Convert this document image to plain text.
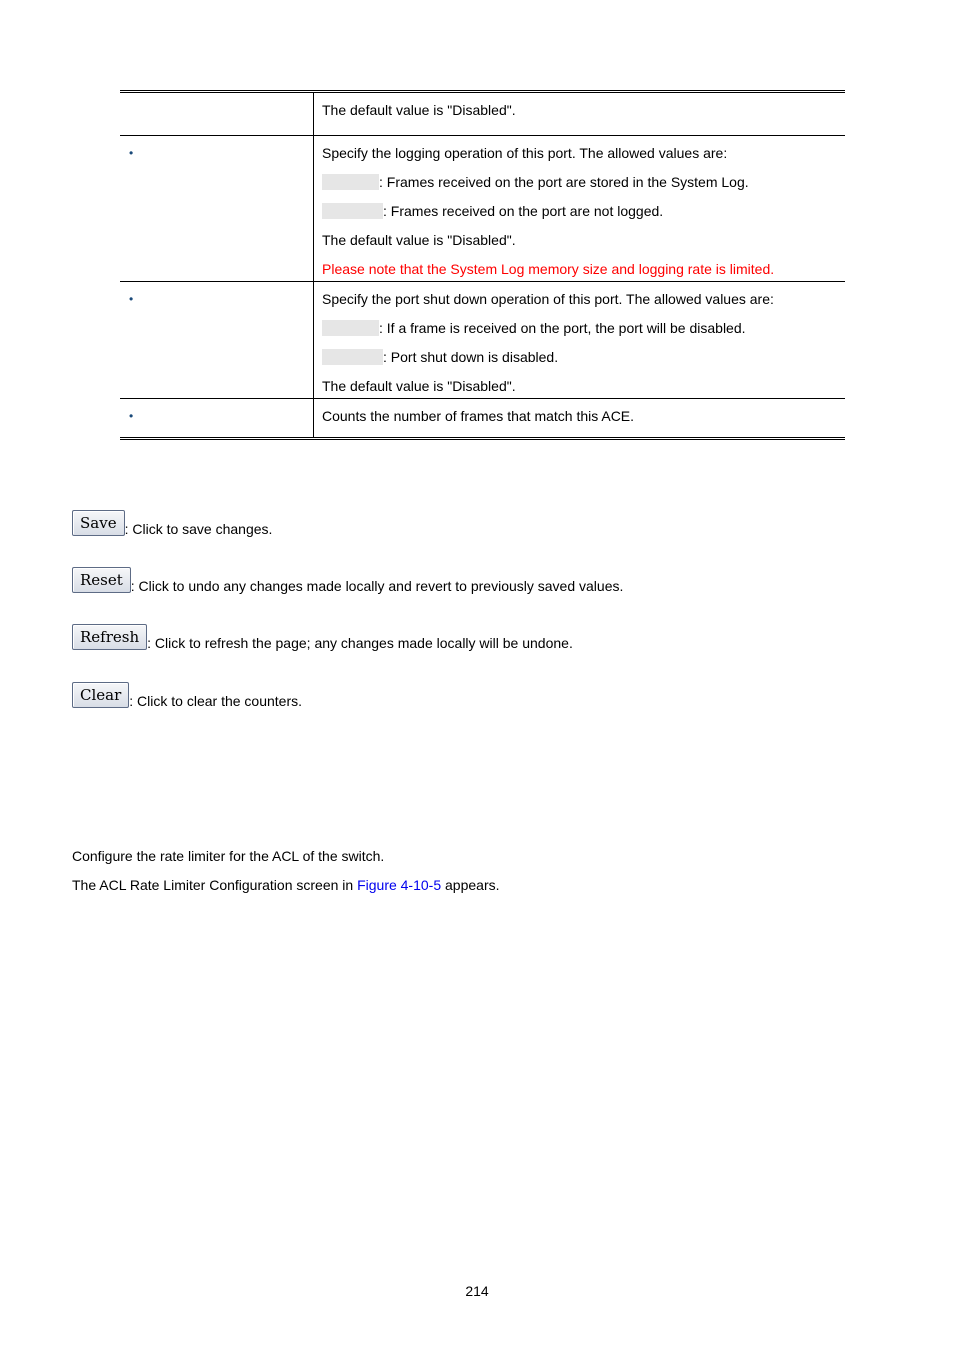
The default value is "Disabled".

•	Specify the logging operation of this port. The allowed values are:

: Frames received on the port are stored in the System Log.

: Frames received on the port are not logged.

The default value is "Disabled".

Please note that the System Log memory size and logging rate is limited.

•	Specify the port shut down operation of this port. The allowed values are:

: If a frame is received on the port, the port will be disabled.

: Port shut down is disabled.

The default value is "Disabled".

•	Counts the number of frames that match this ACE.

Save : Click to save changes.
Reset : Click to undo any changes made locally and revert to previously saved values.
Refresh : Click to refresh the page; any changes made locally will be undone.
Clear : Click to clear the counters.

Configure the rate limiter for the ACL of the switch.

The ACL Rate Limiter Configuration screen in Figure 4-10-5 appears.

214
